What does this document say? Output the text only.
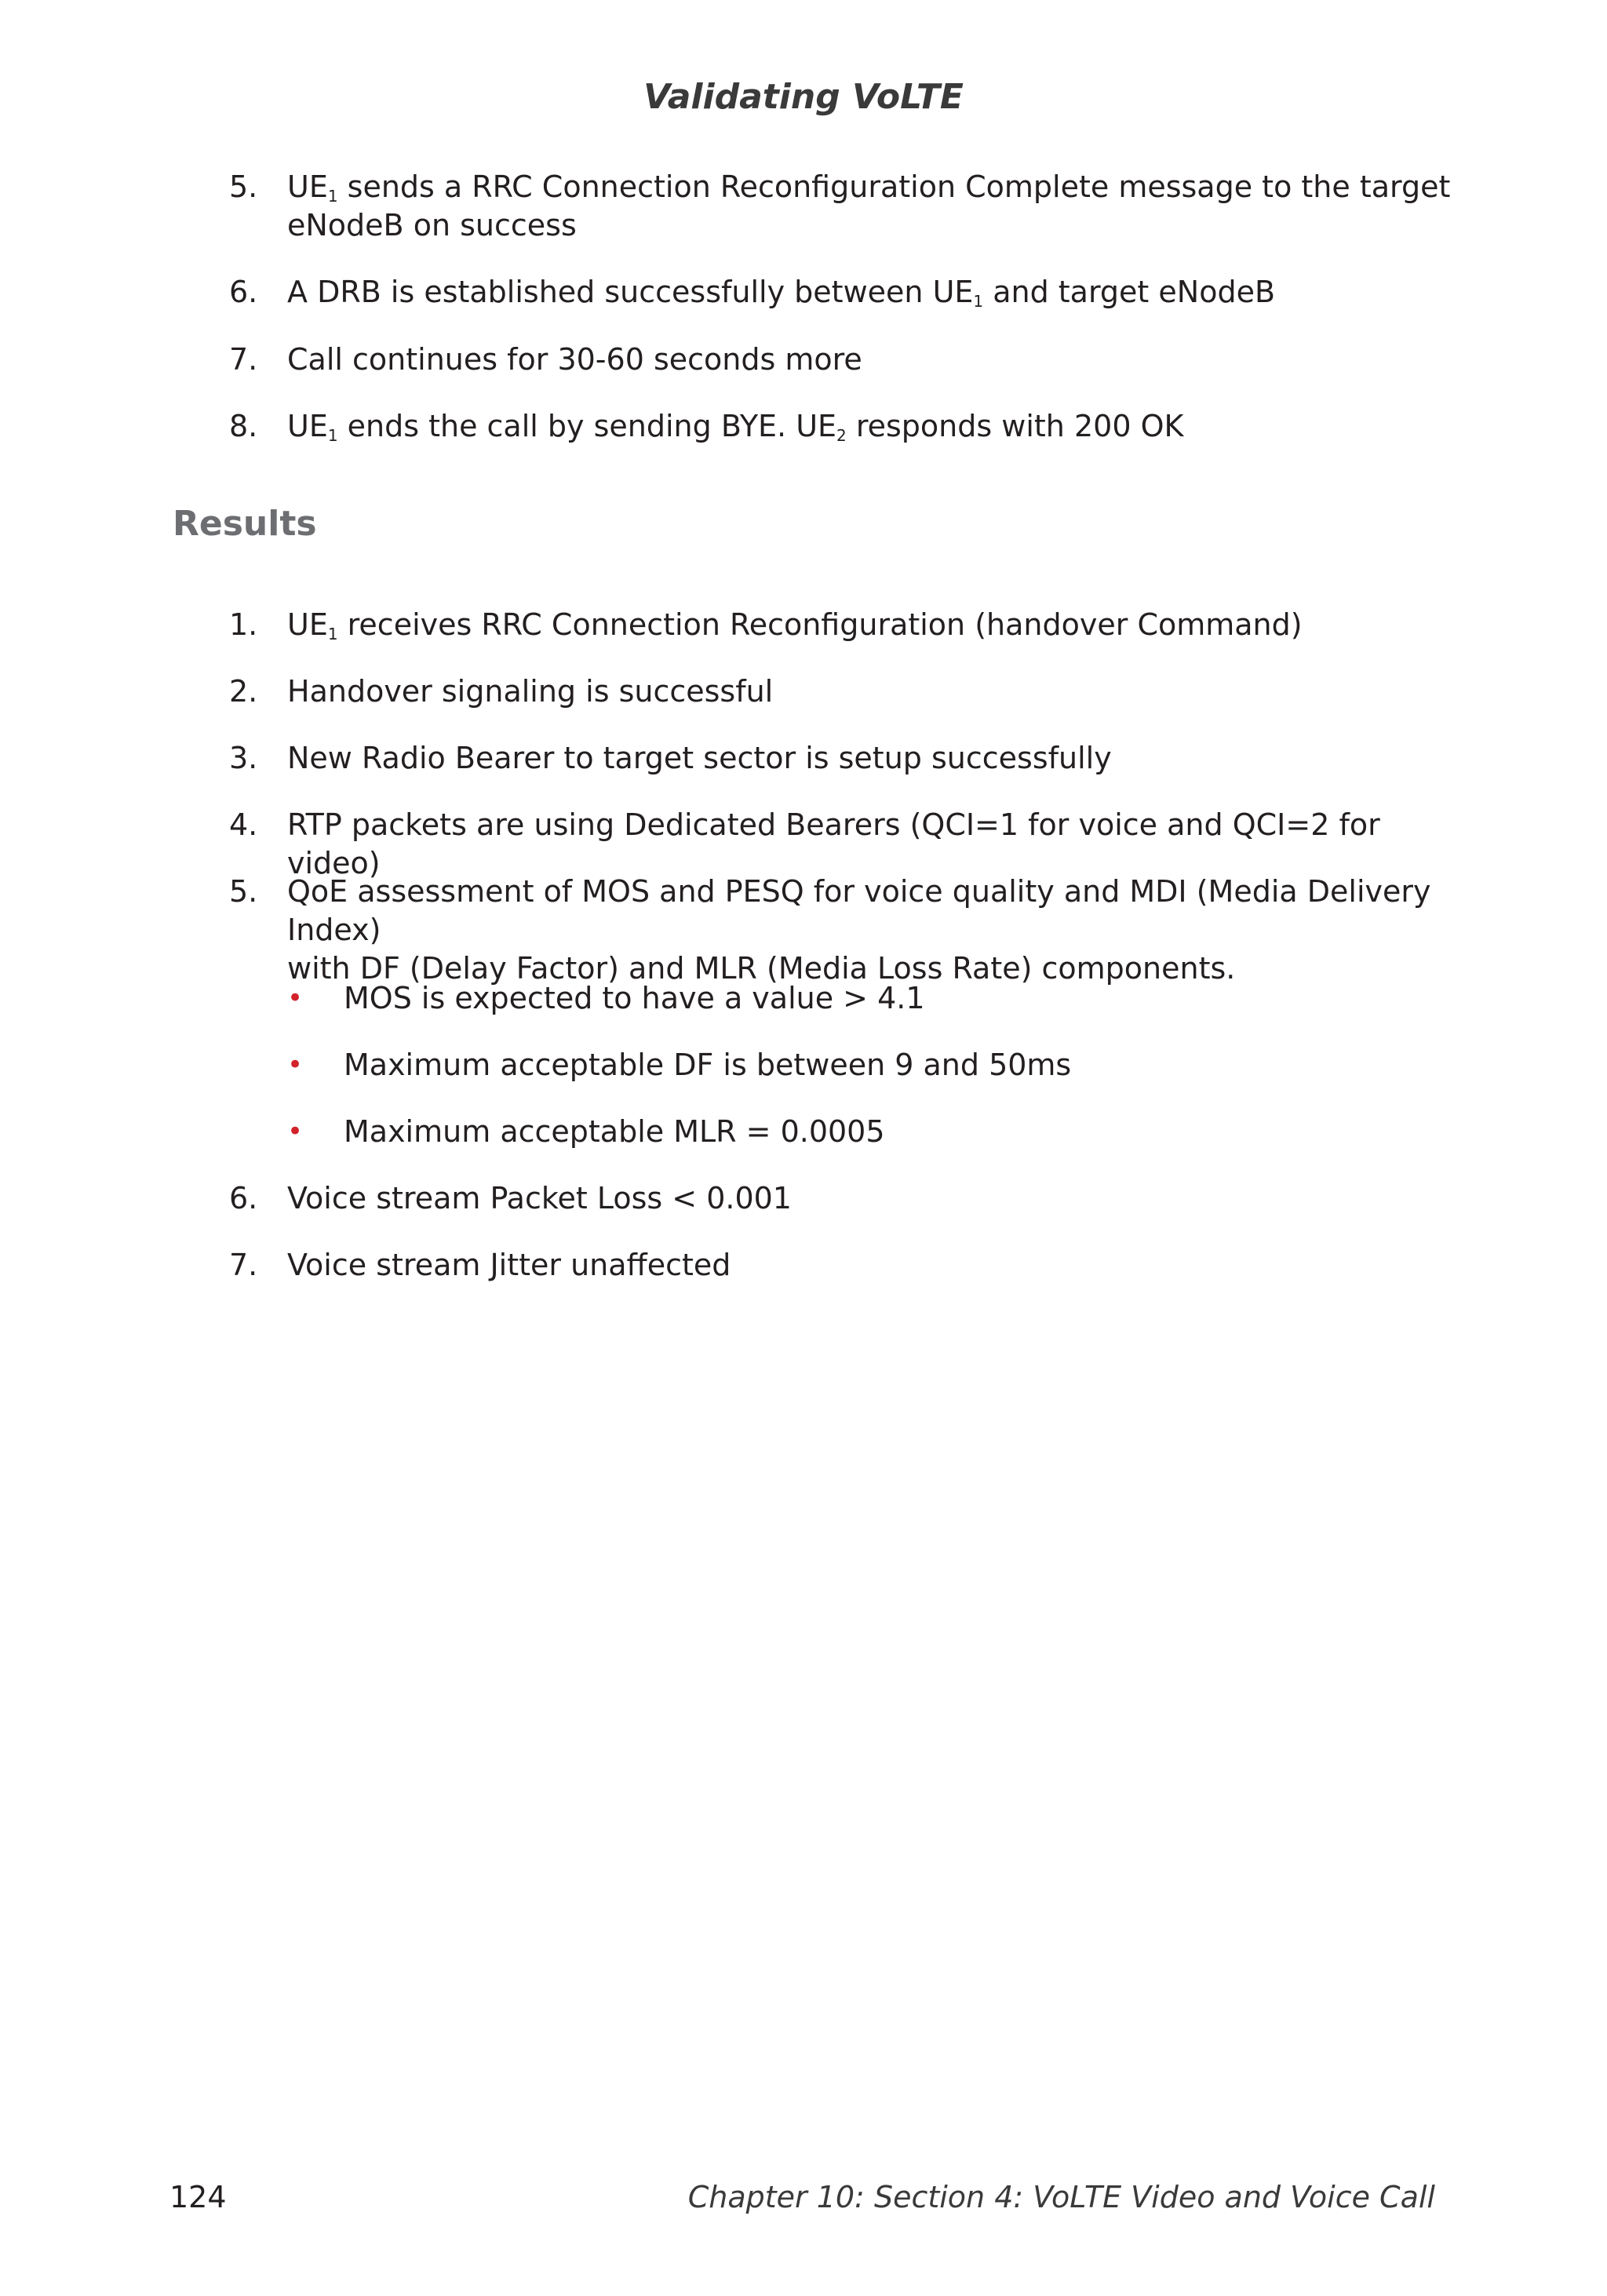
Validating VoLTE
5. $UE_1$ sends a RRC Connection Reconfiguration Complete message to the target
eNodeB on success
6. A DRB is established successfully between $UE_1$ and target eNodeB
7. Call continues for 30-60 seconds more
8. $UE_1$ ends the call by sending BYE. $UE_2$ responds with 200 OK
Results
1. $UE_1$ receives RRC Connection Reconfiguration (handover Command)
2. Handover signaling is successful
3. New Radio Bearer to target sector is setup successfully
4. RTP packets are using Dedicated Bearers (QCI=1 for voice and QCI=2 for video)
5. QoE assessment of MOS and PESQ for voice quality and MDI (Media Delivery Index)
with DF (Delay Factor) and MLR (Media Loss Rate) components.
• MOS is expected to have a value > 4.1
• Maximum acceptable DF is between 9 and 50ms
• Maximum acceptable MLR = 0.0005
6. Voice stream Packet Loss < 0.001
7. Voice stream Jitter unaffected
124	Chapter 10: Section 4: VoLTE Video and Voice Call
